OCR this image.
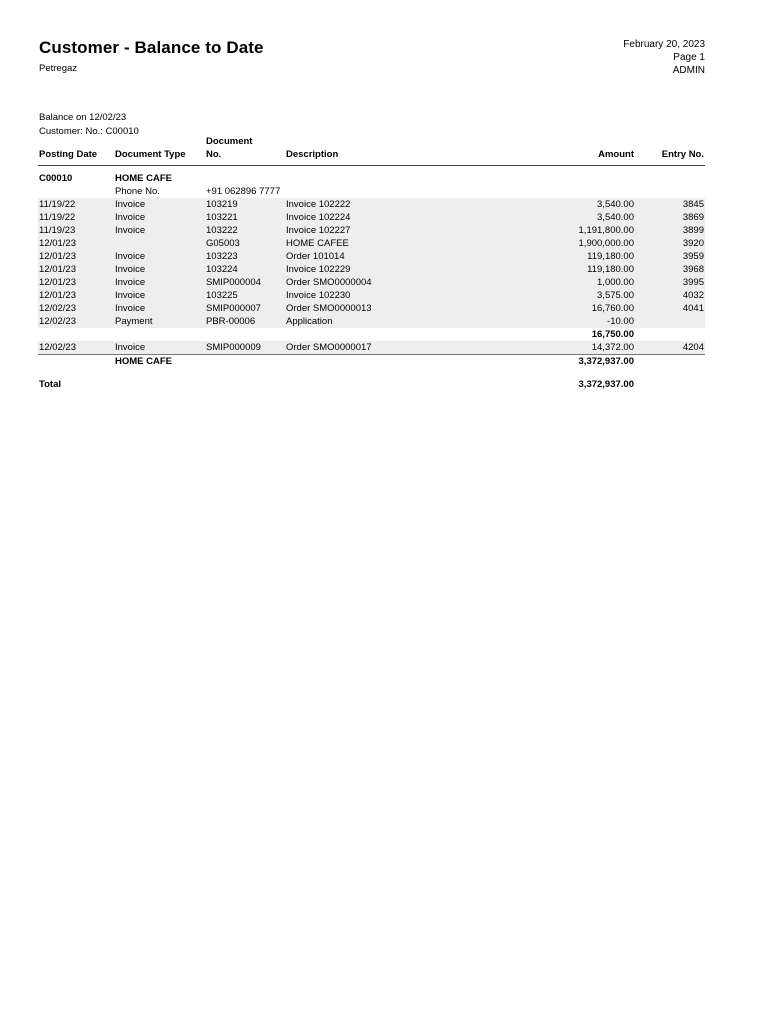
Customer - Balance to Date
Petregaz
February 20, 2023
Page 1
ADMIN
Balance on 12/02/23
Customer: No.: C00010
Posting Date	Document Type	Document
No.	Description	Amount	Entry No.

C00010	HOME CAFE				
	Phone No.	+91 062896 7777			
11/19/22	Invoice	103219	Invoice 102222	3,540.00	3845
11/19/22	Invoice	103221	Invoice 102224	3,540.00	3869
11/19/23	Invoice	103222	Invoice 102227	1,191,800.00	3899
12/01/23		G05003	HOME CAFEE	1,900,000.00	3920
12/01/23	Invoice	103223	Order 101014	119,180.00	3959
12/01/23	Invoice	103224	Invoice 102229	119,180.00	3968
12/01/23	Invoice	SMIP000004	Order SMO0000004	1,000.00	3995
12/01/23	Invoice	103225	Invoice 102230	3,575.00	4032
12/02/23	Invoice	SMIP000007	Order SMO0000013	16,760.00	4041
12/02/23	Payment	PBR-00006	Application	-10.00	
				16,750.00	
12/02/23	Invoice	SMIP000009	Order SMO0000017	14,372.00	4204
	HOME CAFE			3,372,937.00	

Total				3,372,937.00	
